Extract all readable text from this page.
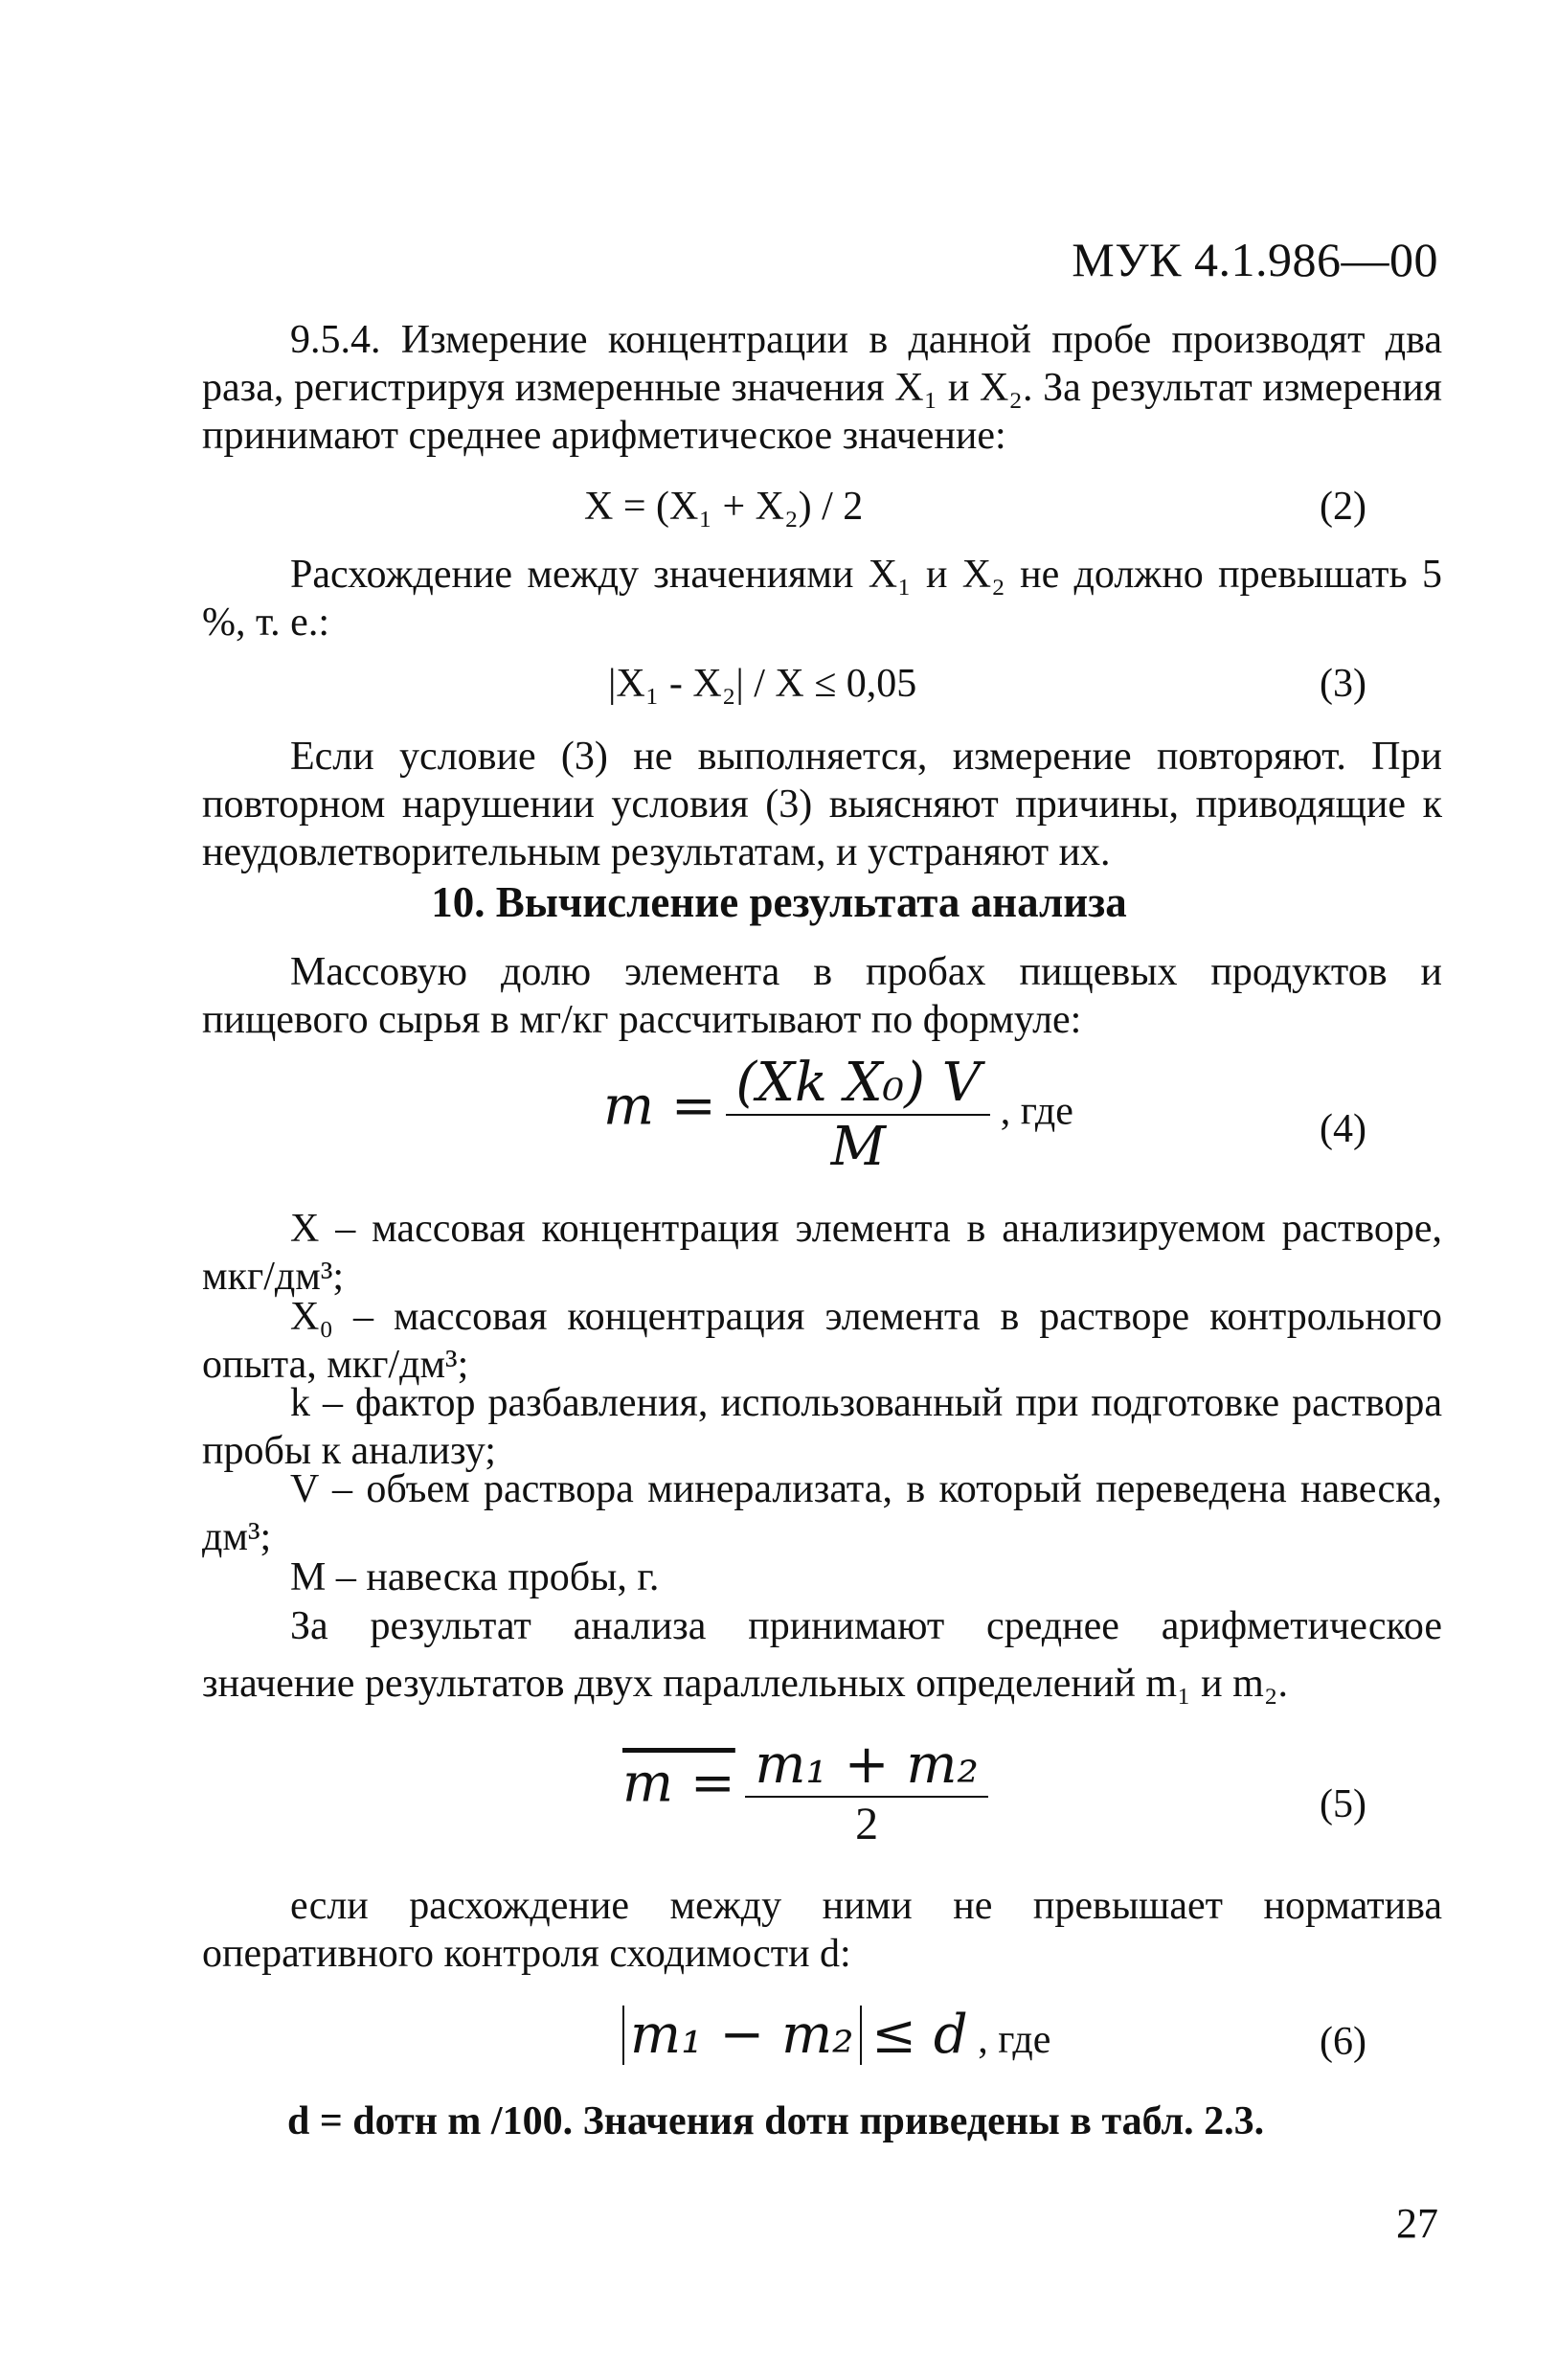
МУК 4.1.986—00
9.5.4. Измерение концентрации в данной пробе производят два раза, регистрируя измеренные значения X₁ и X₂. За результат измерения принимают среднее арифметическое значение:
X = (X₁ + X₂) / 2	(2)
Расхождение между значениями X₁ и X₂ не должно превышать 5 %, т. е.:
|X₁ - X₂| / X ≤ 0,05	(3)
Если условие (3) не выполняется, измерение повторяют. При повторном нарушении условия (3) выясняют причины, приводящие к неудовлетворительным результатам, и устраняют их.
10. Вычисление результата анализа
Массовую долю элемента в пробах пищевых продуктов и пищевого сырья в мг/кг рассчитывают по формуле:
$m = \frac{\text{(Xk X₀) V}}{M}$ , где	(4)
X – массовая концентрация элемента в анализируемом растворе, мкг/дм³;
X₀ – массовая концентрация элемента в растворе контрольного опыта, мкг/дм³;
k – фактор разбавления, использованный при подготовке раствора пробы к анализу;
V – объем раствора минерализата, в который переведена навеска, дм³;
M – навеска пробы, г.
За результат анализа принимают среднее арифметическое значение результатов двух параллельных определений m₁ и m₂.
$m = \frac{\text{m₁ + m₂}}{2}$	(5)
если расхождение между ними не превышает норматива оперативного контроля сходимости d:
m₁ − m₂ ≤ d , где	(6)
d = dотн m /100. Значения dотн приведены в табл. 2.3.
27
